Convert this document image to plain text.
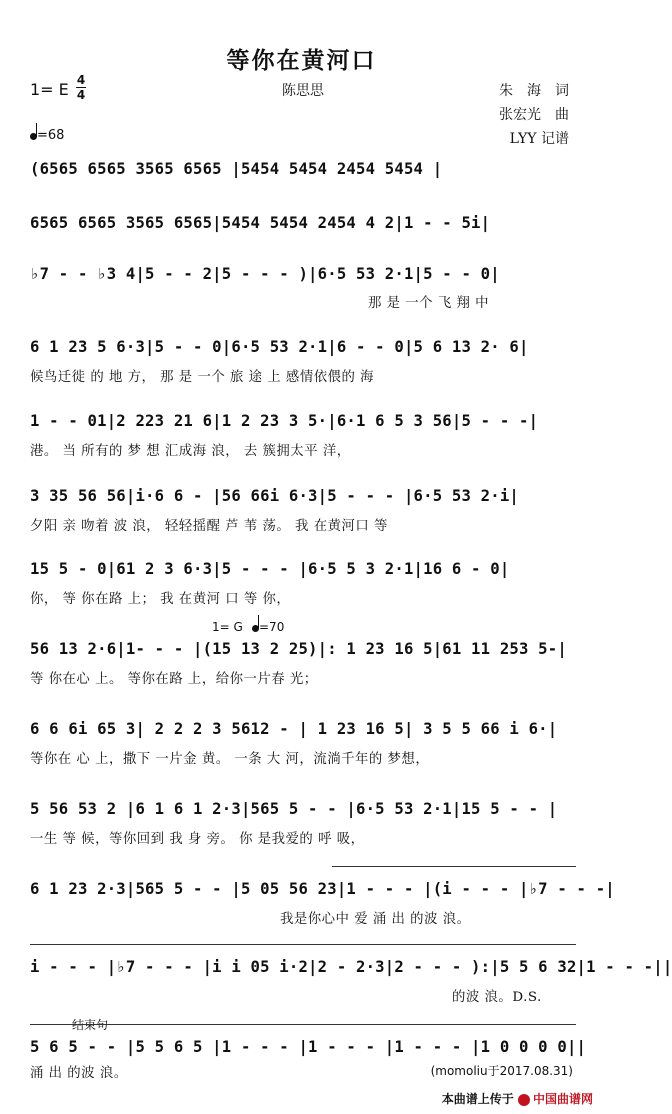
等你在黄河口
1= E 4
4	陈思思	朱　海　词
张宏光　曲
LYY 记谱
=68
(6565 6565 3565 6565 |5454 5454 2454 5454 |
6565 6565 3565 6565|5454 5454 2454 4 2|1 - - 5i|
♭7 - - ♭3 4|5 - - 2|5 - - - )|6·5 53 2·1|5 - - 0|
那 是 一个 飞 翔 中
6 1 23 5 6·3|5 - - 0|6·5 53 2·1|6 - - 0|5 6 13 2· 6|
候鸟迁徙 的 地 方， 那 是 一个 旅 途 上 感情依偎的 海
1 - - 01|2 223 21 6|1 2 23 3 5·|6·1 6 5 3 56|5 - - -|
港。 当 所有的 梦 想 汇成海 浪， 去 簇拥太平 洋，
3 35 56 56|i·6 6 - |56 66i 6·3|5 - - - |6·5 53 2·i|
夕阳 亲 吻着 波 浪， 轻轻摇醒 芦 苇 荡。 我 在黄河口 等
15 5 - 0|61 2 3 6·3|5 - - - |6·5 5 3 2·1|16 6 - 0|
你， 等 你在路 上； 我 在黄河 口 等 你，
1= G	=70
56 13 2·6|1- - - |(15 13 2 25)|: 1 23 16 5|61 11 253 5-|
等 你在心 上。 等你在路 上，给你一片春 光；
6 6 6i 65 3| 2 2 2 3 5612 - | 1 23 16 5| 3 5 5 66 i 6·|
等你在 心 上，撒下 一片金 黄。 一条 大 河，流淌千年的 梦想，
5 56 53 2 |6 1 6 1 2·3|565 5 - - |6·5 53 2·1|15 5 - - |
一生 等 候，等你回到 我 身 旁。 你 是我爱的 呼 吸，
6 1 23 2·3|565 5 - - |5 05 56 23|1 - - - |(i - - - |♭7 - - -|
我是你心中 爱 涌 出 的波 浪。
i - - - |♭7 - - - |i i 05 i·2|2 - 2·3|2 - - - ):|5 5 6 32|1 - - -||
的波 浪。D.S.
结束句
5 6 5 - - |5 5 6 5 |1 - - - |1 - - - |1 - - - |1 0 0 0 0||
涌 出 的波 浪。	(momoliu于2017.08.31)
本曲谱上传于 中国曲谱网
